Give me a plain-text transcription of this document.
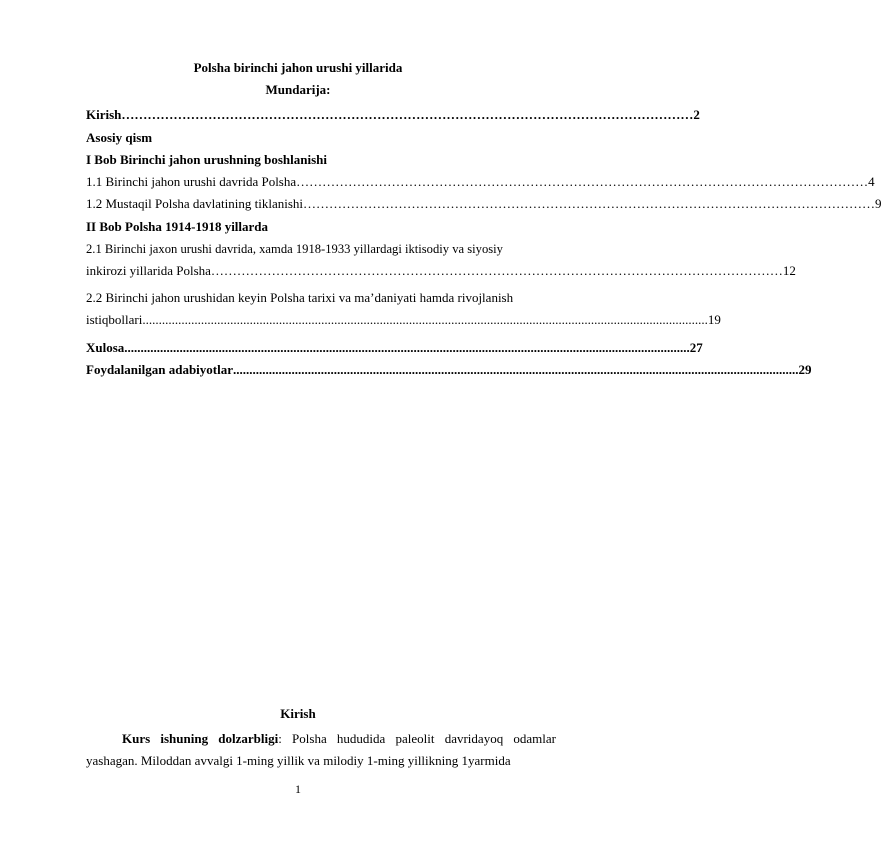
Polsha birinchi jahon urushi yillarida
Mundarija:
Kirish …………………………………………………………………………………………………………………… 2
Asosiy qism
I Bob Birinchi jahon urushning boshlanishi
1.1 Birinchi jahon urushi davrida Polsha …………………………………………………………………………………………………………………… 4
1.2 Mustaqil Polsha davlatining tiklanishi …………………………………………………………………………………………………………………… 9
II Bob Polsha 1914-1918 yillarda
2.1 Birinchi jaxon urushi davrida, xamda 1918-1933 yillardagi iktisodiy va siyosiy
inkirozi yillarida Polsha …………………………………………………………………………………………………………………… 12
2.2 Birinchi jahon urushidan keyin Polsha tarixi va ma’daniyati hamda rivojlanish
istiqbollari .............................................................................................................................................................................. 19
Xulosa .............................................................................................................................................................................. 27
Foydalanilgan adabiyotlar .............................................................................................................................................................................. 29
Kirish
Kurs ishuning dolzarbligi: Polsha hududida paleolit davridayoq odamlar yashagan. Miloddan avvalgi 1-ming yillik va milodiy 1-ming yillikning 1yarmida
1
